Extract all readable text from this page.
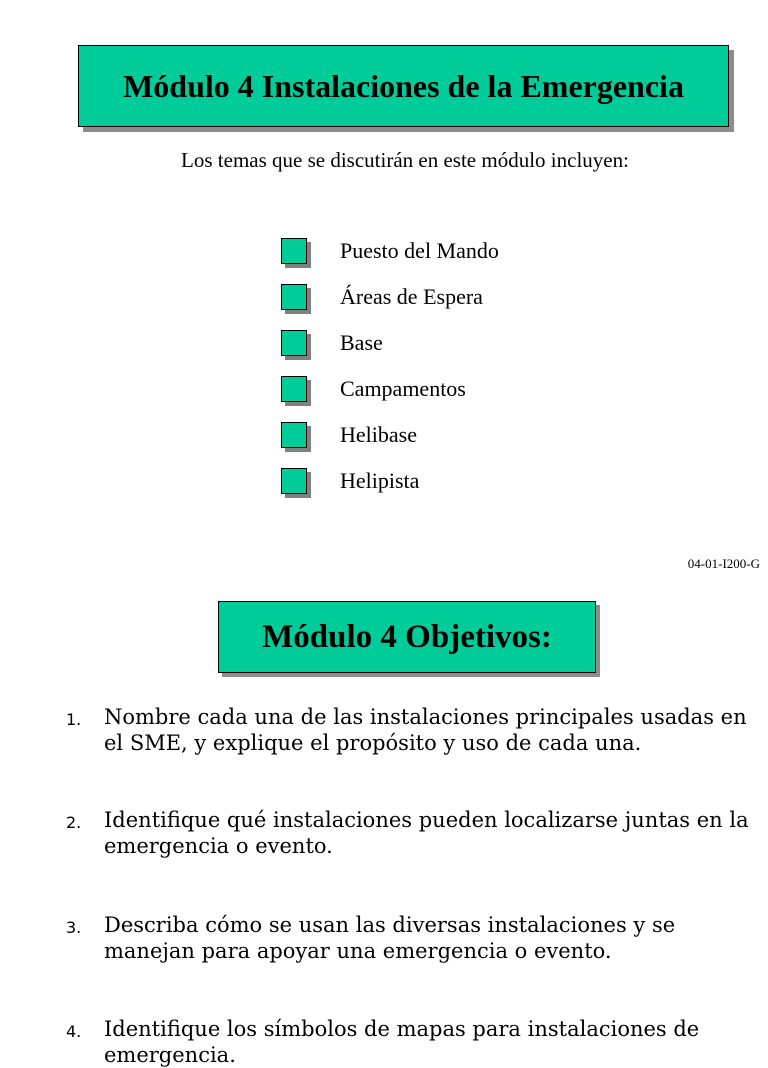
Módulo 4 Instalaciones de la Emergencia
Los temas que se discutirán en este módulo incluyen:
Puesto del Mando
Áreas de Espera
Base
Campamentos
Helibase
Helipista
04-01-I200-G
Módulo 4 Objetivos:
1. Nombre cada una de las instalaciones principales usadas en el SME, y explique el propósito y uso de cada una.
2. Identifique qué instalaciones pueden localizarse juntas en la emergencia o evento.
3. Describa cómo se usan las diversas instalaciones y se manejan para apoyar una emergencia o evento.
4. Identifique los símbolos de mapas para instalaciones de emergencia.
